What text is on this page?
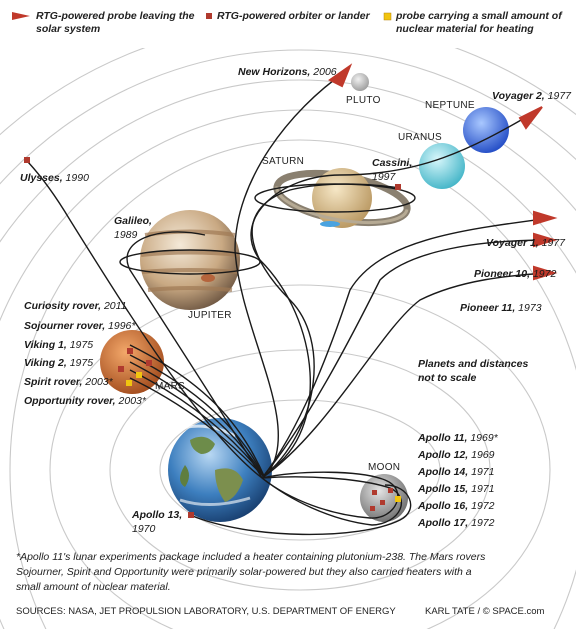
RTG-powered probe leaving the solar system
RTG-powered orbiter or lander	probe carrying a small amount of nuclear material for heating
PLUTO	NEPTUNE
URANUS
SATURN
JUPITER
MARS
MOON
New Horizons, 2006
Voyager 2, 1977
Cassini,
1997
Ulysses, 1990
Galileo,
1989
Voyager 1, 1977
Pioneer 10, 1972
Pioneer 11, 1973
Apollo 13,
1970
Curiosity rover, 2011
Sojourner rover, 1996*
Viking 1, 1975
Viking 2, 1975
Spirit rover, 2003*
Opportunity rover, 2003*
Apollo 11, 1969*
Apollo 12, 1969
Apollo 14, 1971
Apollo 15, 1971
Apollo 16, 1972
Apollo 17, 1972
Planets and distances not to scale
*Apollo 11's lunar experiments package included a heater containing plutonium-238. The Mars rovers
Sojourner, Spirit and Opportunity were primarily solar-powered but they also carried heaters with a
small amount of nuclear material.
SOURCES: NASA, JET PROPULSION LABORATORY, U.S. DEPARTMENT OF ENERGY	KARL TATE / © SPACE.com
